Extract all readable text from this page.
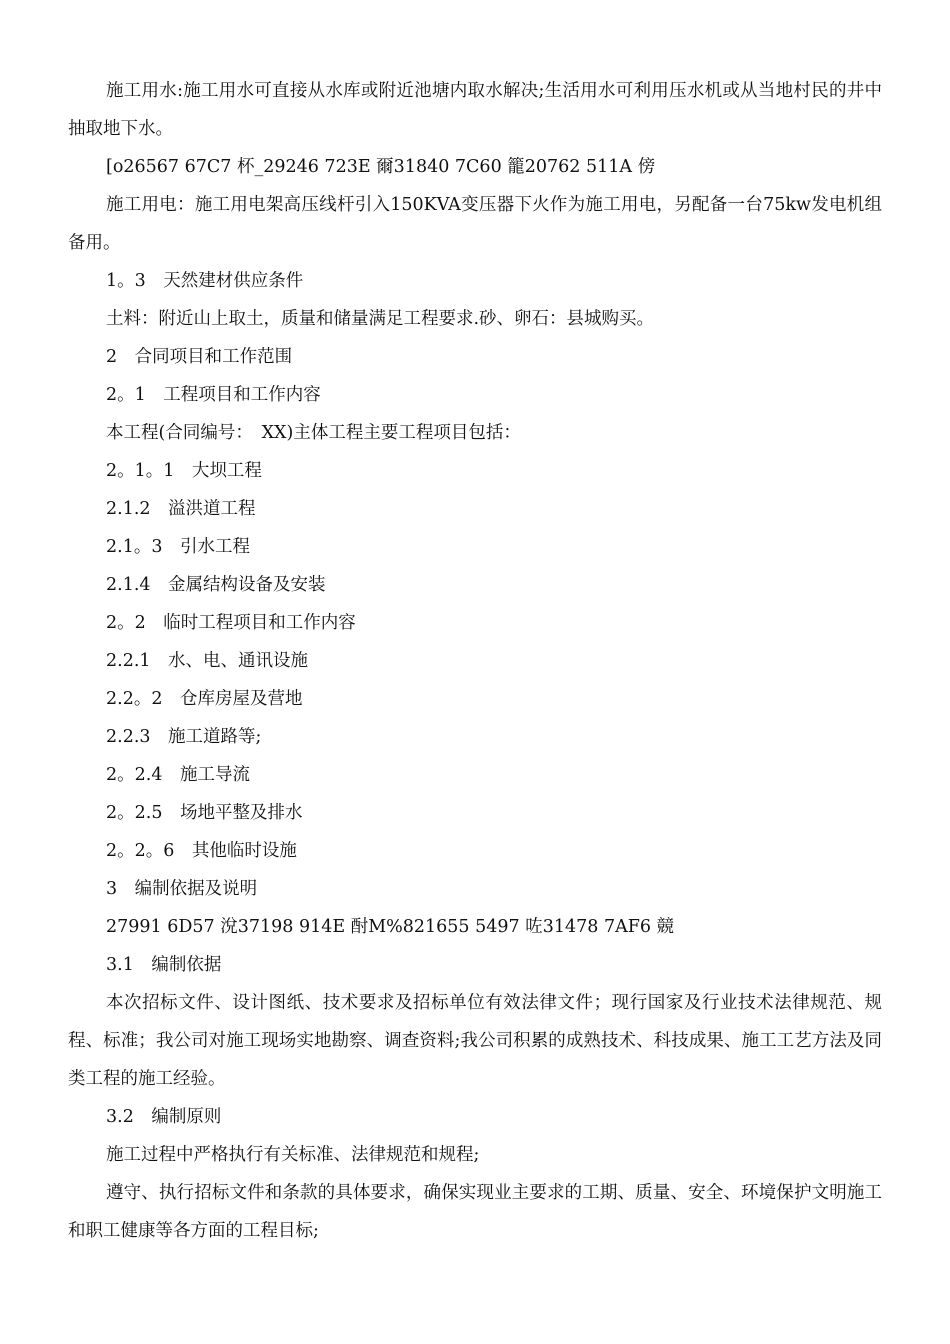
施工用水:施工用水可直接从水库或附近池塘内取水解决;生活用水可利用压水机或从当地村民的井中抽取地下水。

[o26567 67C7 杯_29246 723E 爾31840 7C60 籠20762 511A 傍

施工用电：施工用电架高压线杆引入150KVA变压器下火作为施工用电，另配备一台75kw发电机组备用。

1。3　天然建材供应条件

土料：附近山上取土，质量和储量满足工程要求.砂、卵石：县城购买。

2　合同项目和工作范围

2。1　工程项目和工作内容

本工程(合同编号：　XX)主体工程主要工程项目包括：

2。1。1　大坝工程

2.1.2　溢洪道工程

2.1。3　引水工程

2.1.4　金属结构设备及安装

2。2　临时工程项目和工作内容

2.2.1　水、电、通讯设施

2.2。2　仓库房屋及营地

2.2.3　施工道路等;

2。2.4　施工导流

2。2.5　场地平整及排水

2。2。6　其他临时设施

3　编制依据及说明

27991 6D57 涗37198 914E 酎M%821655 5497 咗31478 7AF6 競

3.1　编制依据

本次招标文件、设计图纸、技术要求及招标单位有效法律文件；现行国家及行业技术法律规范、规程、标准；我公司对施工现场实地勘察、调查资料;我公司积累的成熟技术、科技成果、施工工艺方法及同类工程的施工经验。

3.2　编制原则

施工过程中严格执行有关标准、法律规范和规程;

遵守、执行招标文件和条款的具体要求，确保实现业主要求的工期、质量、安全、环境保护文明施工和职工健康等各方面的工程目标;
